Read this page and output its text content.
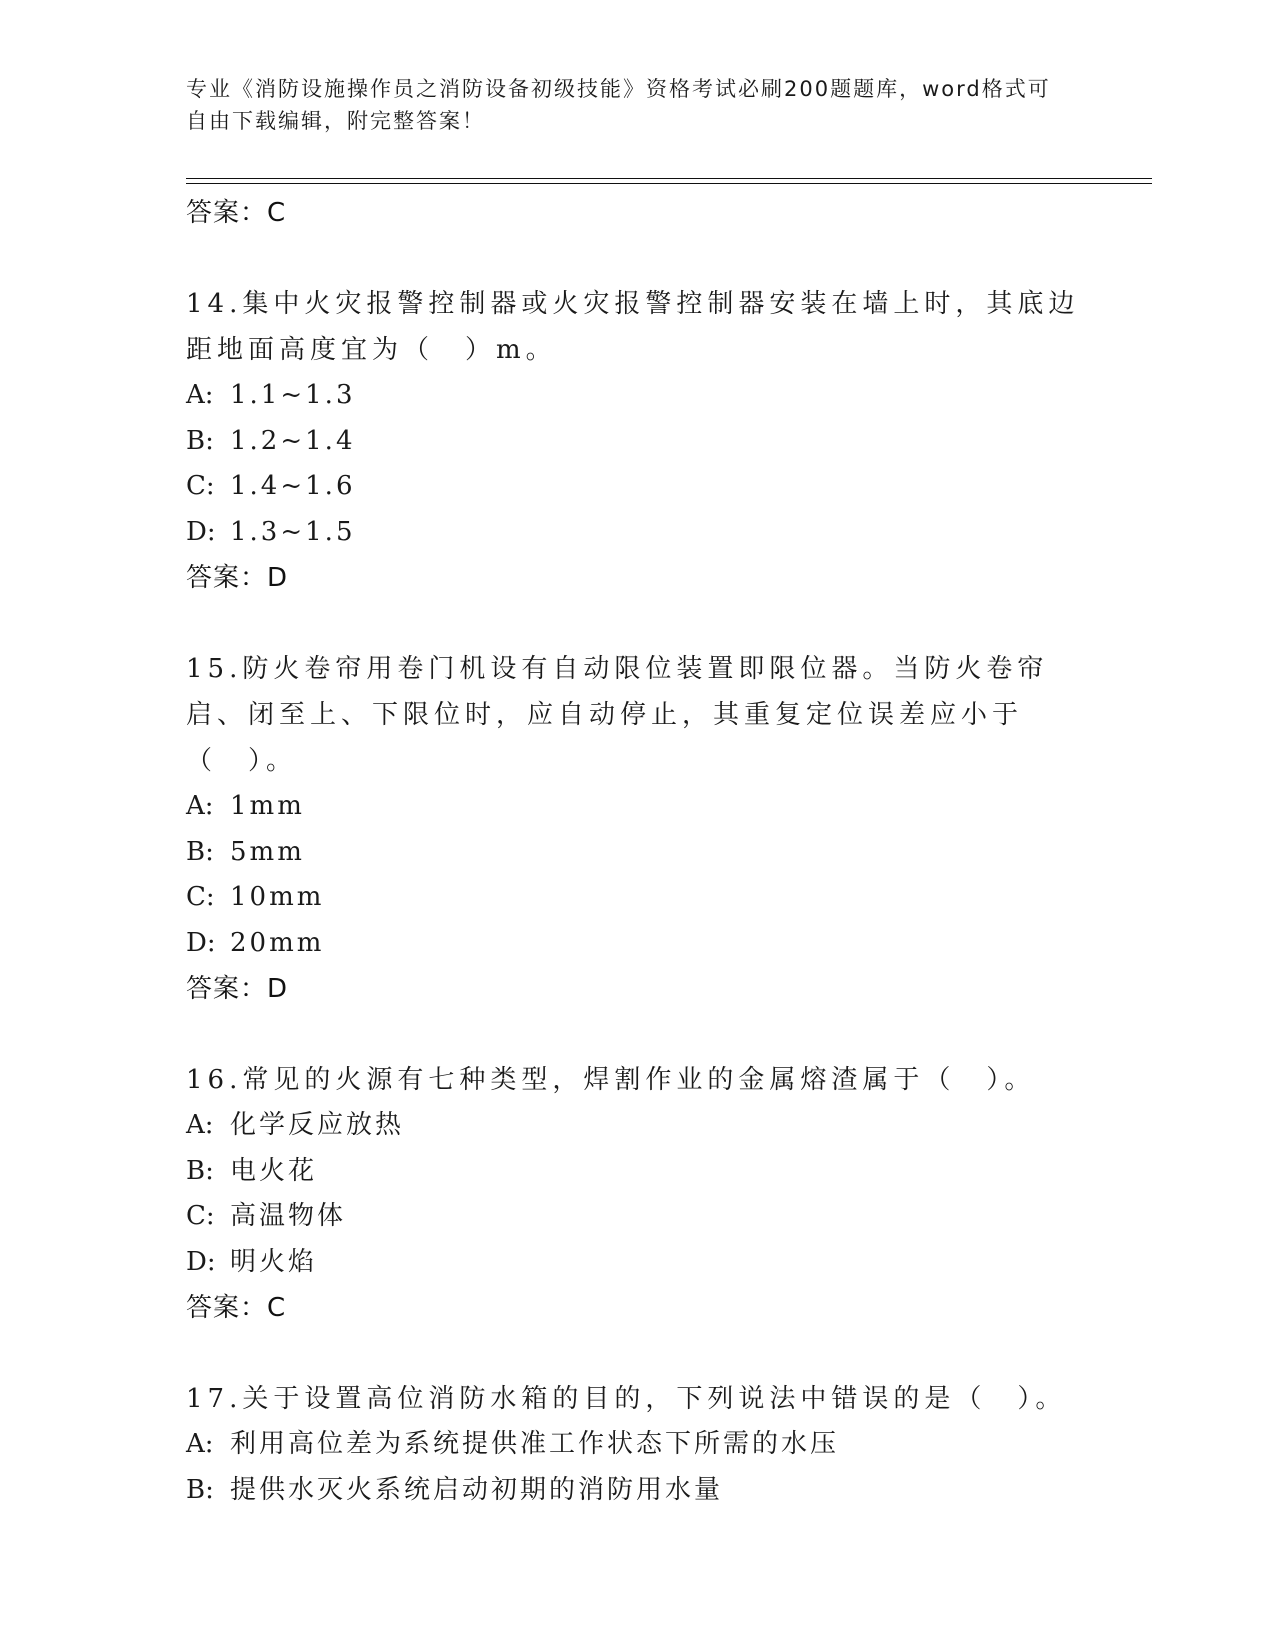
专业《消防设施操作员之消防设备初级技能》资格考试必刷200题题库，word格式可自由下载编辑，附完整答案！
答案：C
14.集中火灾报警控制器或火灾报警控制器安装在墙上时，其底边距地面高度宜为（　）m。
A: 1.1~1.3
B: 1.2~1.4
C: 1.4~1.6
D: 1.3~1.5
答案：D
15.防火卷帘用卷门机设有自动限位装置即限位器。当防火卷帘启、闭至上、下限位时，应自动停止，其重复定位误差应小于（　）。
A: 1mm
B: 5mm
C: 10mm
D: 20mm
答案：D
16.常见的火源有七种类型，焊割作业的金属熔渣属于（　）。
A: 化学反应放热
B: 电火花
C: 高温物体
D: 明火焰
答案：C
17.关于设置高位消防水箱的目的，下列说法中错误的是（　）。
A: 利用高位差为系统提供准工作状态下所需的水压
B: 提供水灭火系统启动初期的消防用水量
